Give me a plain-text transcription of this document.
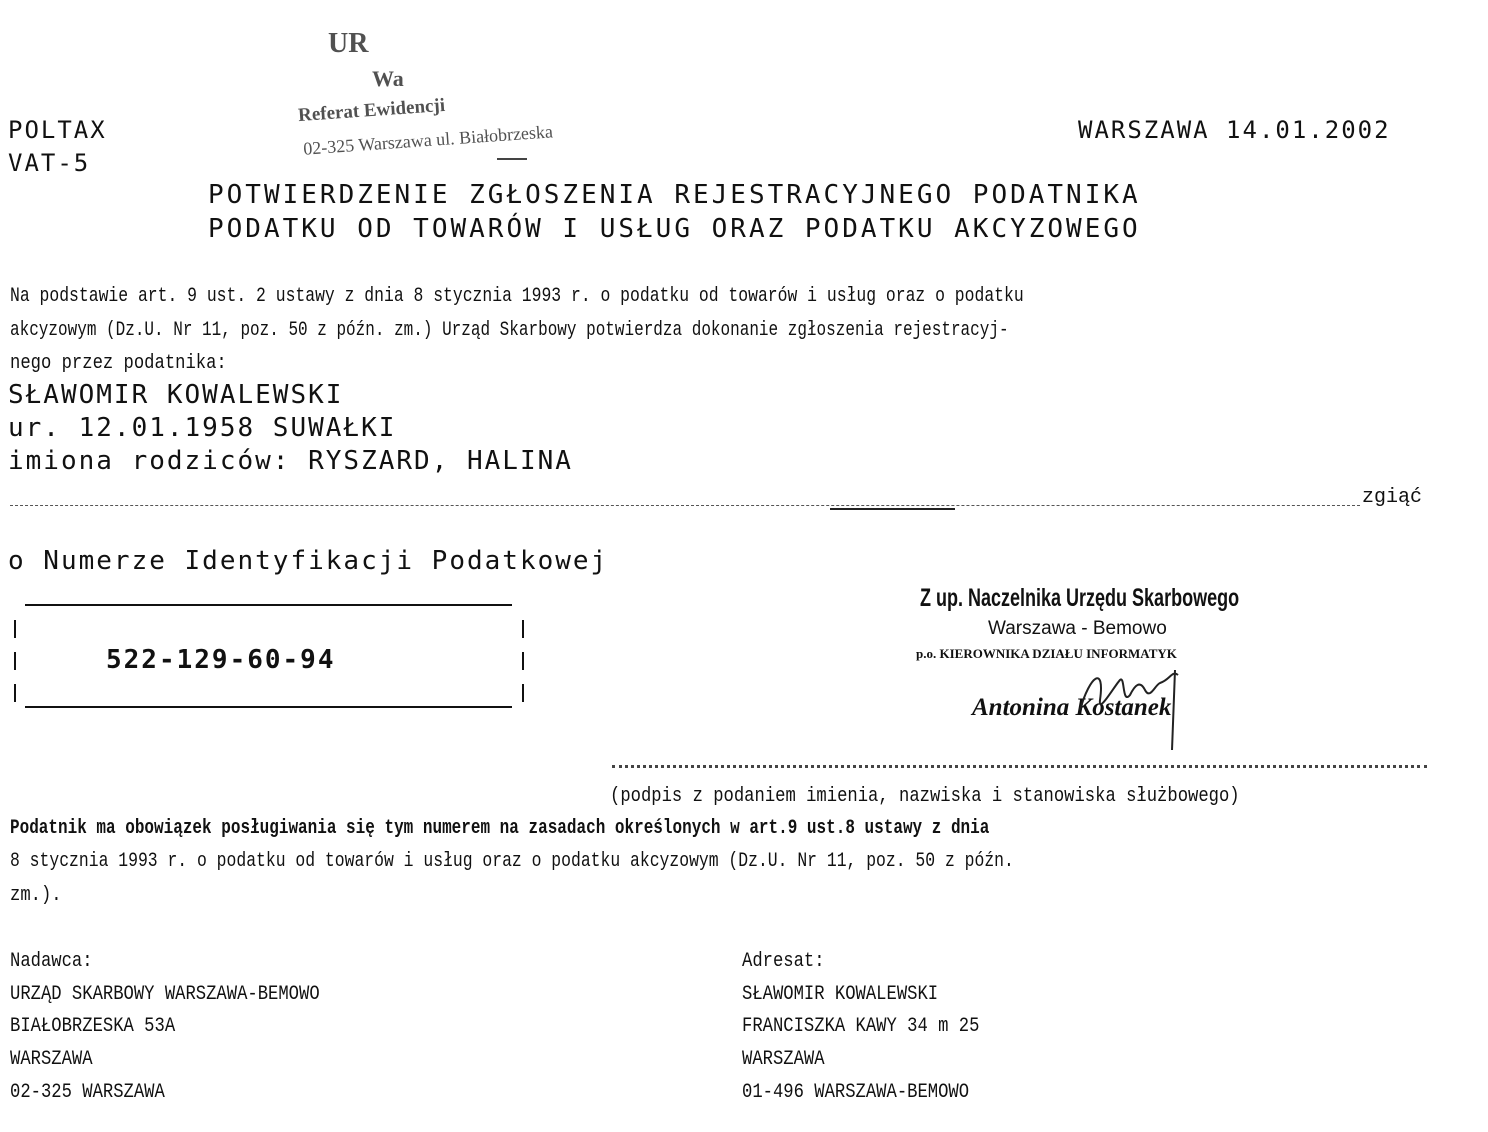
UR
Wa
Referat Ewidencji
02-325 Warszawa ul. Białobrzeska
POLTAX
VAT-5
WARSZAWA 14.01.2002
POTWIERDZENIE ZGŁOSZENIA REJESTRACYJNEGO PODATNIKA
PODATKU OD TOWARÓW I USŁUG ORAZ PODATKU AKCYZOWEGO
Na podstawie art. 9 ust. 2 ustawy z dnia 8 stycznia 1993 r. o podatku od towarów i usług oraz o podatku
akcyzowym (Dz.U. Nr 11, poz. 50 z późn. zm.) Urząd Skarbowy potwierdza dokonanie zgłoszenia rejestracyj-
nego przez podatnika:
SŁAWOMIR KOWALEWSKI
ur. 12.01.1958 SUWAŁKI
imiona rodziców: RYSZARD, HALINA
zgiąć
o Numerze Identyfikacji Podatkowej
522-129-60-94
Z up. Naczelnika Urzędu Skarbowego
Warszawa - Bemowo
p.o. KIEROWNIKA DZIAŁU INFORMATYK
Antonina Kostanek
(podpis z podaniem imienia, nazwiska i stanowiska służbowego)
Podatnik ma obowiązek posługiwania się tym numerem na zasadach określonych w art.9 ust.8 ustawy z dnia
8 stycznia 1993 r. o podatku od towarów i usług oraz o podatku akcyzowym (Dz.U. Nr 11, poz. 50 z późn.
zm.).
Nadawca:
URZĄD SKARBOWY WARSZAWA-BEMOWO
BIAŁOBRZESKA 53A
WARSZAWA
02-325 WARSZAWA
Adresat:
SŁAWOMIR KOWALEWSKI
FRANCISZKA KAWY 34 m 25
WARSZAWA
01-496 WARSZAWA-BEMOWO
